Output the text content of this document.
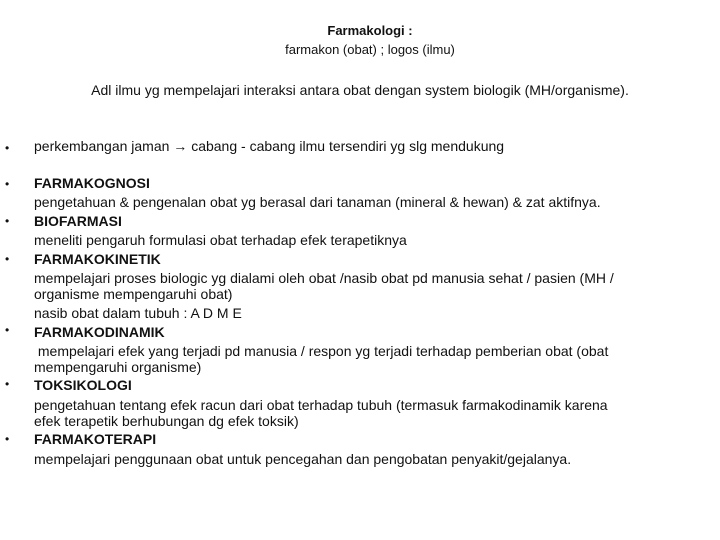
Farmakologi :
farmakon (obat) ; logos (ilmu)
Adl ilmu yg mempelajari interaksi antara obat dengan system biologik (MH/organisme).
•
•
•
•
•
•
•
perkembangan jaman → cabang - cabang ilmu tersendiri yg slg mendukung
FARMAKOGNOSI
pengetahuan & pengenalan obat yg berasal dari tanaman (mineral & hewan) & zat aktifnya.
BIOFARMASI
meneliti pengaruh formulasi obat terhadap efek terapetiknya
FARMAKOKINETIK
mempelajari proses biologic yg dialami oleh obat /nasib obat pd manusia sehat / pasien (MH /
organisme mempengaruhi obat)
nasib obat dalam tubuh : A D M E
FARMAKODINAMIK
mempelajari efek yang terjadi pd manusia / respon yg terjadi terhadap pemberian obat (obat
mempengaruhi organisme)
TOKSIKOLOGI
pengetahuan tentang efek racun dari obat terhadap tubuh (termasuk farmakodinamik karena
efek terapetik berhubungan dg efek toksik)
FARMAKOTERAPI
mempelajari penggunaan obat untuk pencegahan dan pengobatan penyakit/gejalanya.
